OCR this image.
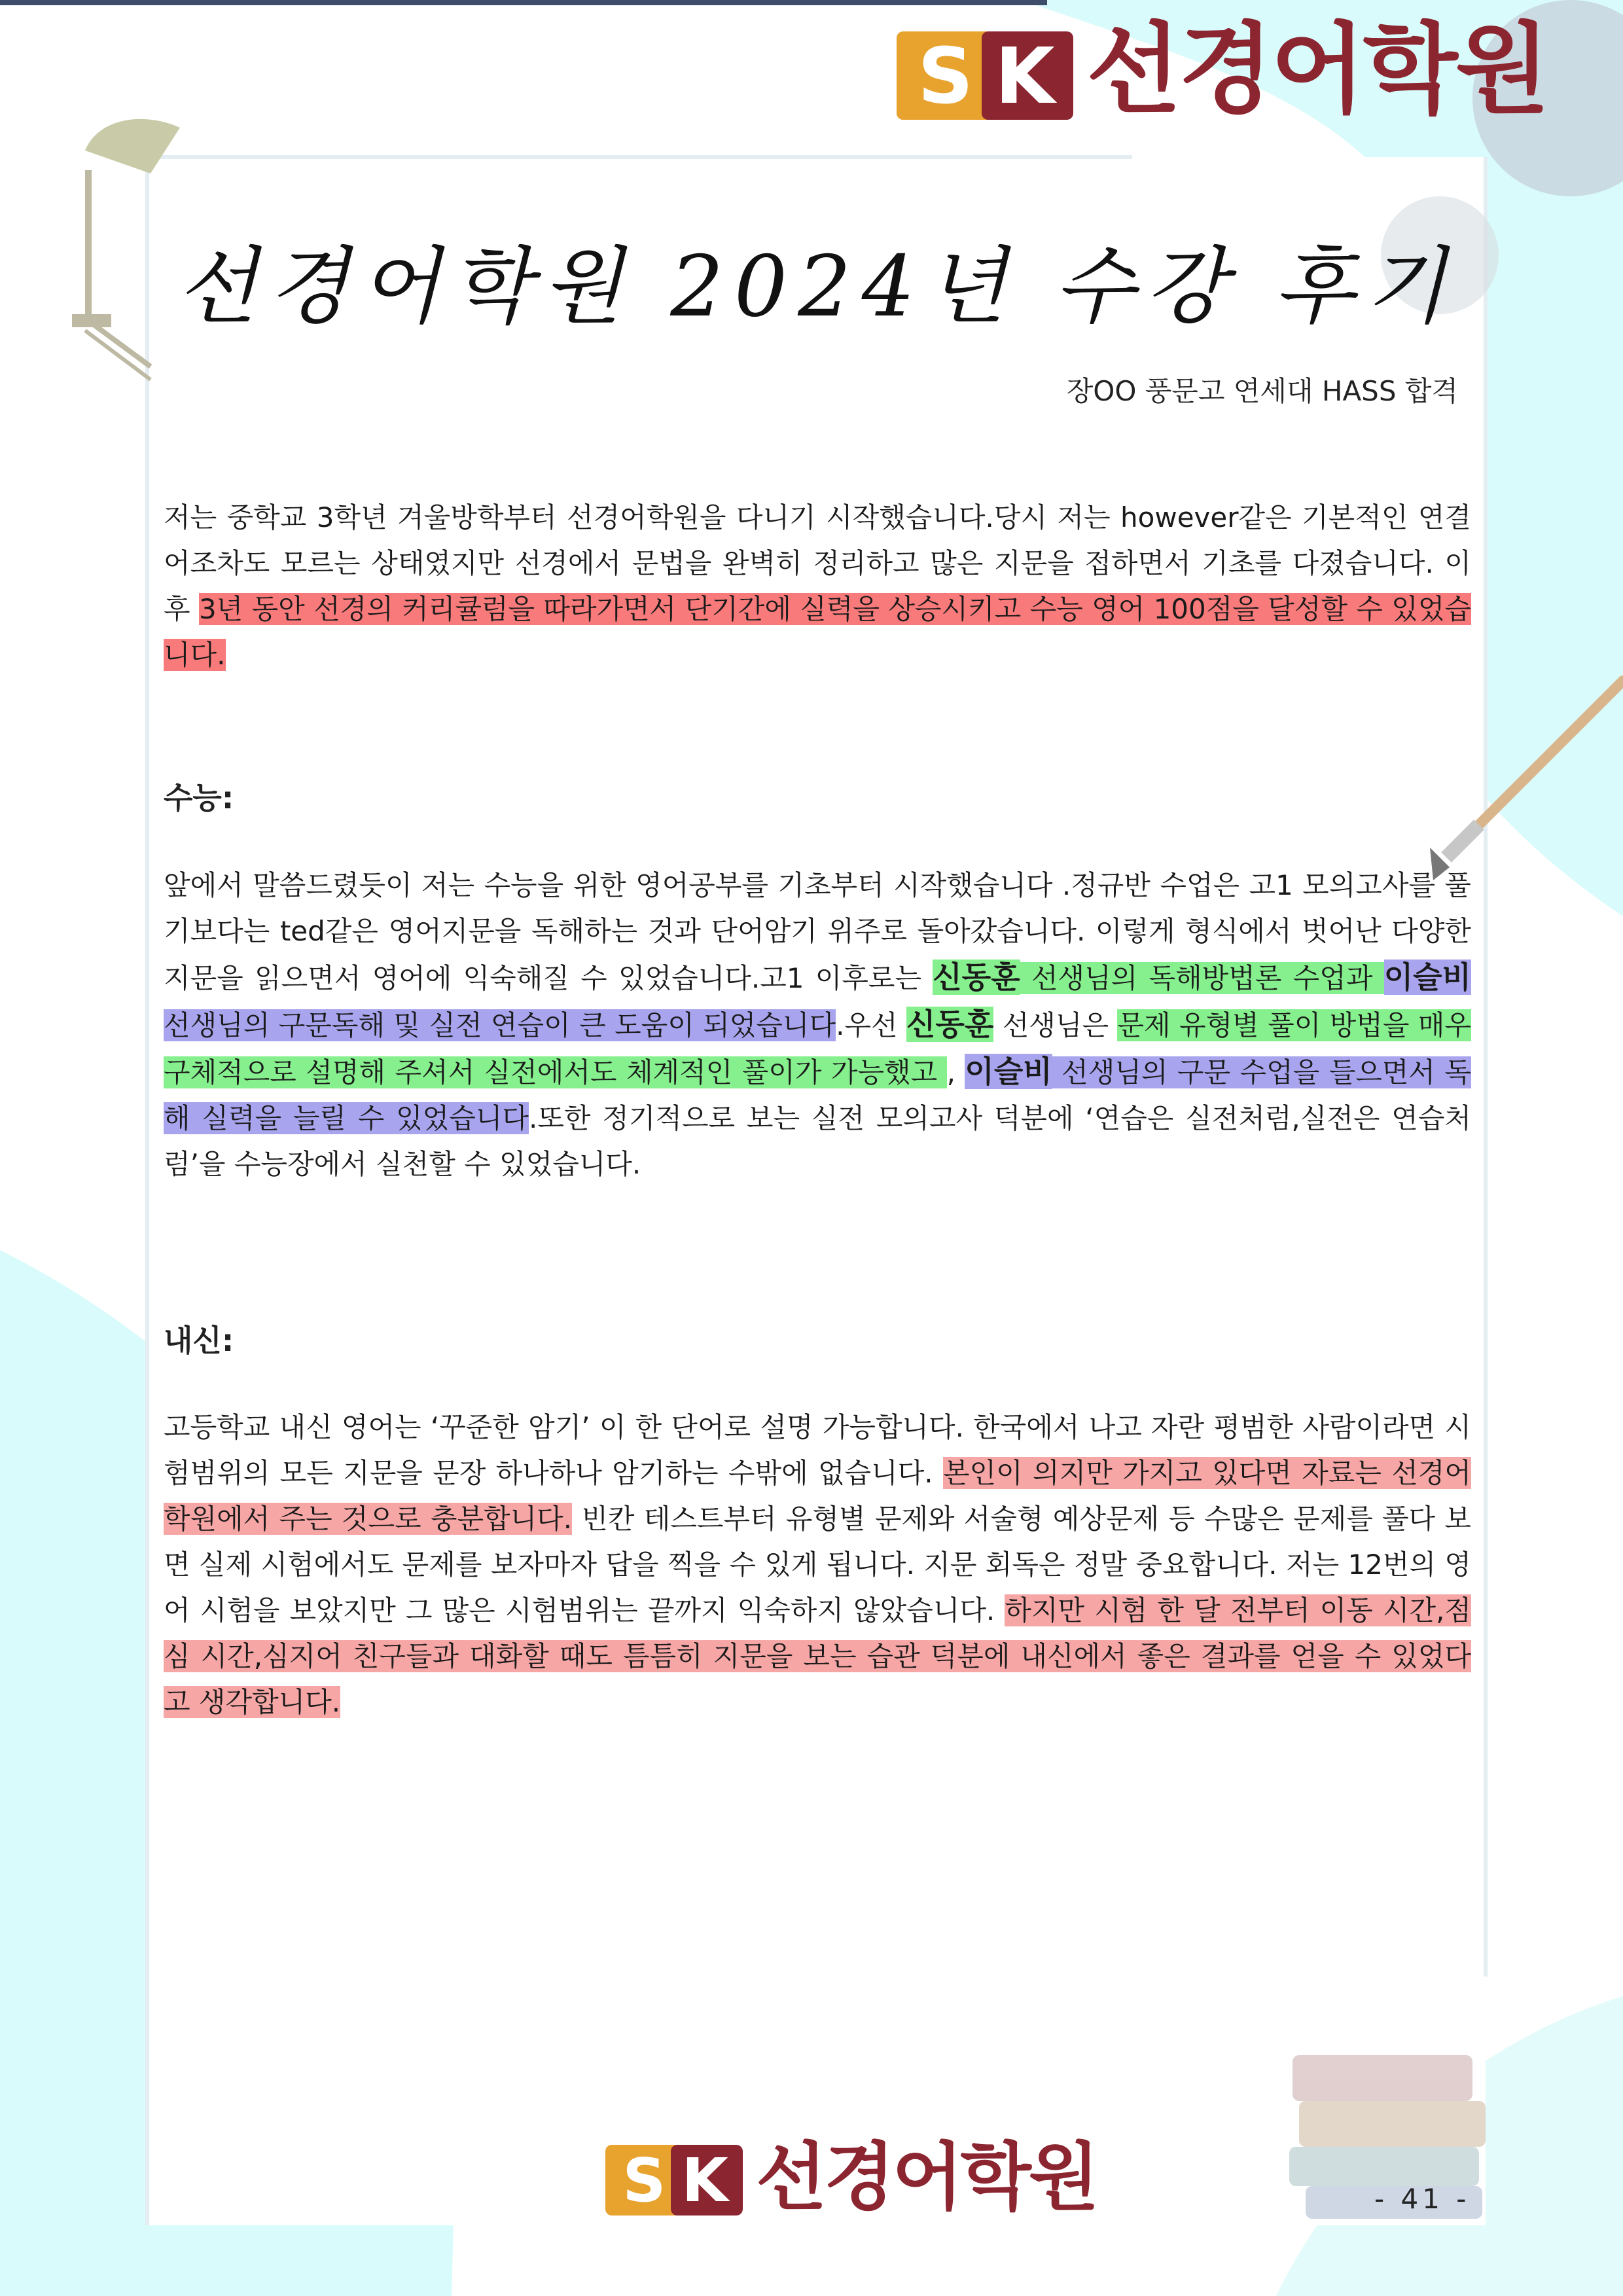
S K 선경어학원
선경어학원 2024년 수강 후기
장OO 풍문고 연세대 HASS 합격

저는 중학교 3학년 겨울방학부터 선경어학원을 다니기 시작했습니다.당시 저는 however같은 기본적인 연결어조차도 모르는 상태였지만 선경에서 문법을 완벽히 정리하고 많은 지문을 접하면서 기초를 다졌습니다. 이후 3년 동안 선경의 커리큘럼을 따라가면서 단기간에 실력을 상승시키고 수능 영어 100점을 달성할 수 있었습니다.

수능:

앞에서 말씀드렸듯이 저는 수능을 위한 영어공부를 기초부터 시작했습니다 .정규반 수업은 고1 모의고사를 풀기보다는 ted같은 영어지문을 독해하는 것과 단어암기 위주로 돌아갔습니다. 이렇게 형식에서 벗어난 다양한 지문을 읽으면서 영어에 익숙해질 수 있었습니다.고1 이후로는 신동훈 선생님의 독해방법론 수업과 이슬비 선생님의 구문독해 및 실전 연습이 큰 도움이 되었습니다.우선 신동훈 선생님은 문제 유형별 풀이 방법을 매우 구체적으로 설명해 주셔서 실전에서도 체계적인 풀이가 가능했고 , 이슬비 선생님의 구문 수업을 들으면서 독해 실력을 늘릴 수 있었습니다.또한 정기적으로 보는 실전 모의고사 덕분에 ‘연습은 실전처럼,실전은 연습처럼’을 수능장에서 실천할 수 있었습니다.

내신:

고등학교 내신 영어는 ‘꾸준한 암기’ 이 한 단어로 설명 가능합니다. 한국에서 나고 자란 평범한 사람이라면 시험범위의 모든 지문을 문장 하나하나 암기하는 수밖에 없습니다. 본인이 의지만 가지고 있다면 자료는 선경어학원에서 주는 것으로 충분합니다. 빈칸 테스트부터 유형별 문제와 서술형 예상문제 등 수많은 문제를 풀다 보면 실제 시험에서도 문제를 보자마자 답을 찍을 수 있게 됩니다. 지문 회독은 정말 중요합니다. 저는 12번의 영어 시험을 보았지만 그 많은 시험범위는 끝까지 익숙하지 않았습니다. 하지만 시험 한 달 전부터 이동 시간,점심 시간,심지어 친구들과 대화할 때도 틈틈히 지문을 보는 습관 덕분에 내신에서 좋은 결과를 얻을 수 있었다고 생각합니다.

S K 선경어학원	- 41 -
